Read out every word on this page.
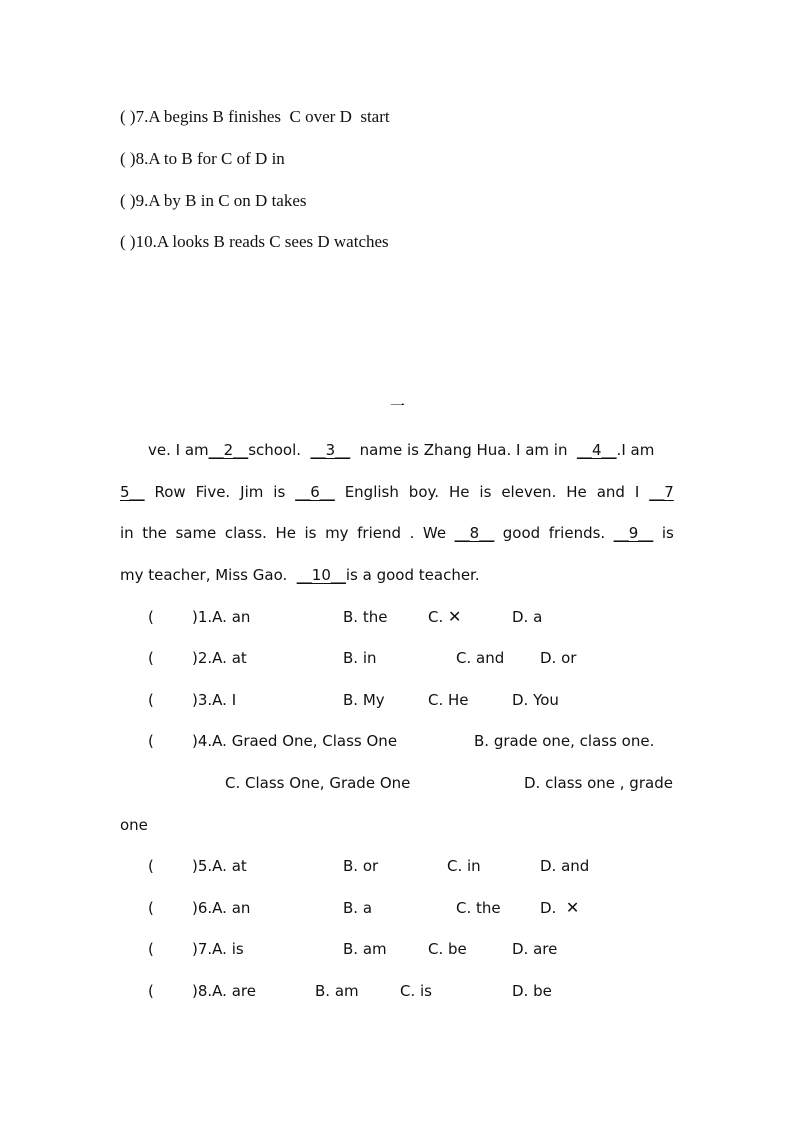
( )7.A begins B finishes  C over D  start
( )8.A to B for C of D in
( )9.A by B in C on D takes
( )10.A looks B reads C sees D watches
一
ve. I am__2__school.  __3__  name is Zhang Hua. I am in  __4__.I am
5__ Row Five. Jim is __6__ English boy. He is eleven. He and I __7
in the same class. He is my friend . We __8__ good friends. __9__ is
my teacher, Miss Gao.  __10__is a good teacher.
(        )1.A. an	B. the	C. ✕	D. a
(        )2.A. at	B. in	C. and D. or
(        )3.A. I	B. My	C. He	D. You
(        )4.A. Graed One, Class One	B. grade one, class one.
C. Class One, Grade One	D. class one , grade
one
(        )5.A. at	B. or	C. in	D. and
(        )6.A. an	B. a	C. the	D. ✕
(        )7.A. is	B. am	C. be	D. are
(        )8.A. are	B. am	C. is	D. be
